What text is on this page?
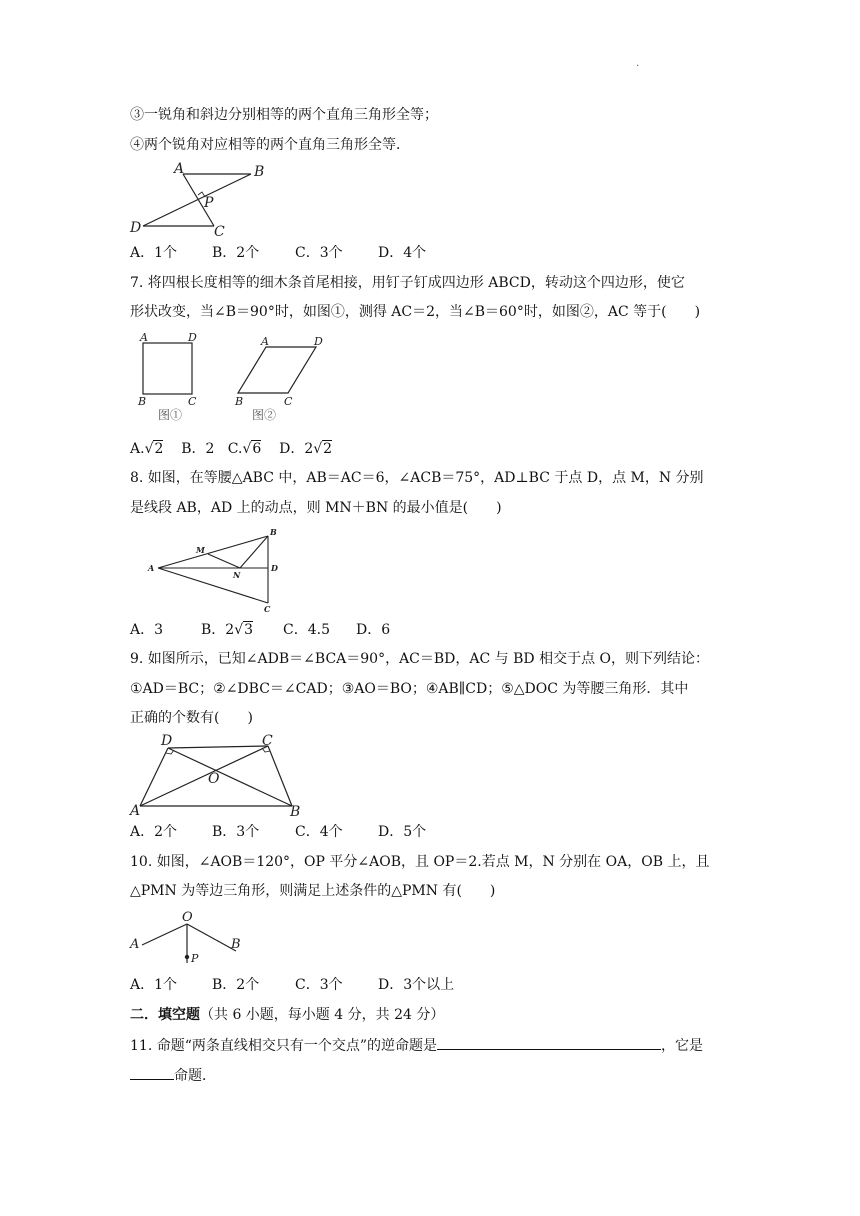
.
③一锐角和斜边分别相等的两个直角三角形全等；
④两个锐角对应相等的两个直角三角形全等．
A	B
P
D	C
A．1个 B．2个	C．3个	D．4个
7. 将四根长度相等的细木条首尾相接，用钉子钉成四边形 ABCD，转动这个四边形，使它
形状改变，当∠B＝90°时，如图①，测得 AC＝2，当∠B＝60°时，如图②，AC 等于(　　)
A	D
B	C
图①
A	D
B	C
图②
A.√2 B．2 C.√6 D．2√2
8. 如图，在等腰△ABC 中，AB＝AC＝6，∠ACB＝75°，AD⊥BC 于点 D，点 M，N 分别
是线段 AB，AD 上的动点，则 MN＋BN 的最小值是(　　)
A
B
D
C
M
N
A．3	B．2√3 C．4.5 D．6
9. 如图所示，已知∠ADB＝∠BCA＝90°，AC＝BD，AC 与 BD 相交于点 O，则下列结论：
①AD＝BC；②∠DBC＝∠CAD；③AO＝BO；④AB∥CD；⑤△DOC 为等腰三角形．其中
正确的个数有(　　)
A	B
D	C
O
A．2个 B．3个	C．4个	D．5个
10. 如图，∠AOB＝120°，OP 平分∠AOB，且 OP＝2.若点 M，N 分别在 OA，OB 上，且
△PMN 为等边三角形，则满足上述条件的△PMN 有(　　)
O
A	B
P
A．1个 B．2个	C．3个	D．3个以上
二．填空题（共 6 小题，每小题 4 分，共 24 分）
11. 命题“两条直线相交只有一个交点”的逆命题是	，它是
命题．
